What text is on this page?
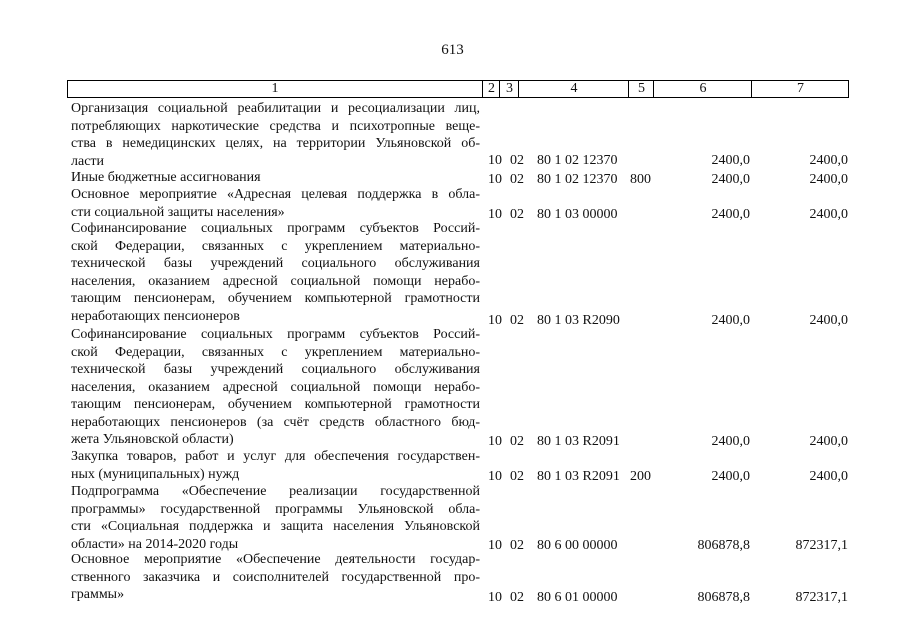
613
1	2 3	4	5	6	7
Организация социальной реабилитации и ресоциализации лиц,
потребляющих наркотические средства и психотропные веще-
ства в немедицинских целях, на территории Ульяновской об-
ласти	10 02 80 1 02 12370	2400,0	2400,0
Иные бюджетные ассигнования	10 02 80 1 02 12370 800	2400,0	2400,0
Основное мероприятие «Адресная целевая поддержка в обла-
сти социальной защиты населения»	10 02 80 1 03 00000	2400,0	2400,0
Софинансирование социальных программ субъектов Россий-
ской Федерации, связанных с укреплением материально-
технической базы учреждений социального обслуживания
населения, оказанием адресной социальной помощи нерабо-
тающим пенсионерам, обучением компьютерной грамотности
неработающих пенсионеров	10 02 80 1 03 R2090	2400,0	2400,0
Софинансирование социальных программ субъектов Россий-
ской Федерации, связанных с укреплением материально-
технической базы учреждений социального обслуживания
населения, оказанием адресной социальной помощи нерабо-
тающим пенсионерам, обучением компьютерной грамотности
неработающих пенсионеров (за счёт средств областного бюд-
жета Ульяновской области)	10 02 80 1 03 R2091	2400,0	2400,0
Закупка товаров, работ и услуг для обеспечения государствен-
ных (муниципальных) нужд	10 02 80 1 03 R2091 200	2400,0	2400,0
Подпрограмма «Обеспечение реализации государственной
программы» государственной программы Ульяновской обла-
сти «Социальная поддержка и защита населения Ульяновской
области» на 2014-2020 годы	10 02 80 6 00 00000	806878,8	872317,1
Основное мероприятие «Обеспечение деятельности государ-
ственного заказчика и соисполнителей государственной про-
граммы»	10 02 80 6 01 00000	806878,8	872317,1
